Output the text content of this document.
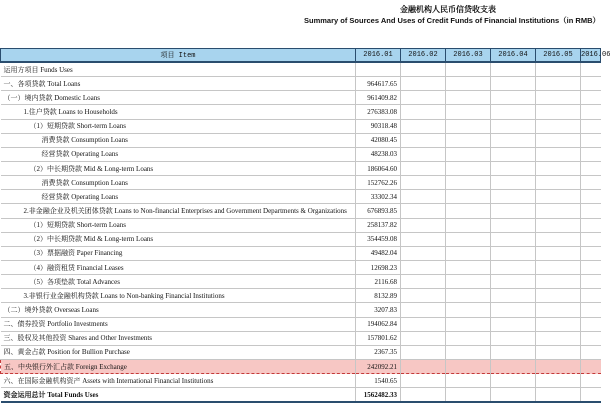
金融机构人民币信贷收支表
Summary of Sources And Uses of Credit Funds of Financial Institutions（in RMB）
项目 Item	2016.01	2016.02	2016.03	2016.04	2016.05	2016.06
运用方项目 Funds Uses						
一、各项贷款 Total Loans	964617.65					
（一）境内贷款 Domestic Loans	961409.82					
1.住户贷款 Loans to Households	276383.08					
（1）短期贷款 Short-term Loans	90318.48					
消费贷款 Consumption Loans	42080.45					
经营贷款 Operating Loans	48238.03					
（2）中长期贷款 Mid & Long-term Loans	186064.60					
消费贷款 Consumption Loans	152762.26					
经营贷款 Operating Loans	33302.34					
2.非金融企业及机关团体贷款 Loans to Non-financial Enterprises and Government Departments & Organizations	676893.85					
（1）短期贷款 Short-term Loans	258137.82					
（2）中长期贷款 Mid & Long-term Loans	354459.08					
（3）票据融资 Paper Financing	49482.04					
（4）融资租赁 Financial Leases	12698.23					
（5）各项垫款 Total Advances	2116.68					
3.非银行业金融机构贷款 Loans to Non-banking Financial Institutions	8132.89					
（二）境外贷款 Overseas Loans	3207.83					
二、债券投资 Portfolio Investments	194062.84					
三、股权及其他投资 Shares and Other Investments	157801.62					
四、黄金占款 Position for Bullion Purchase	2367.35					
五、中央银行外汇占款 Foreign Exchange	242092.21					
六、在国际金融机构资产 Assets with International Financial Institutions	1540.65					
资金运用总计 Total Funds Uses	1562482.33					
